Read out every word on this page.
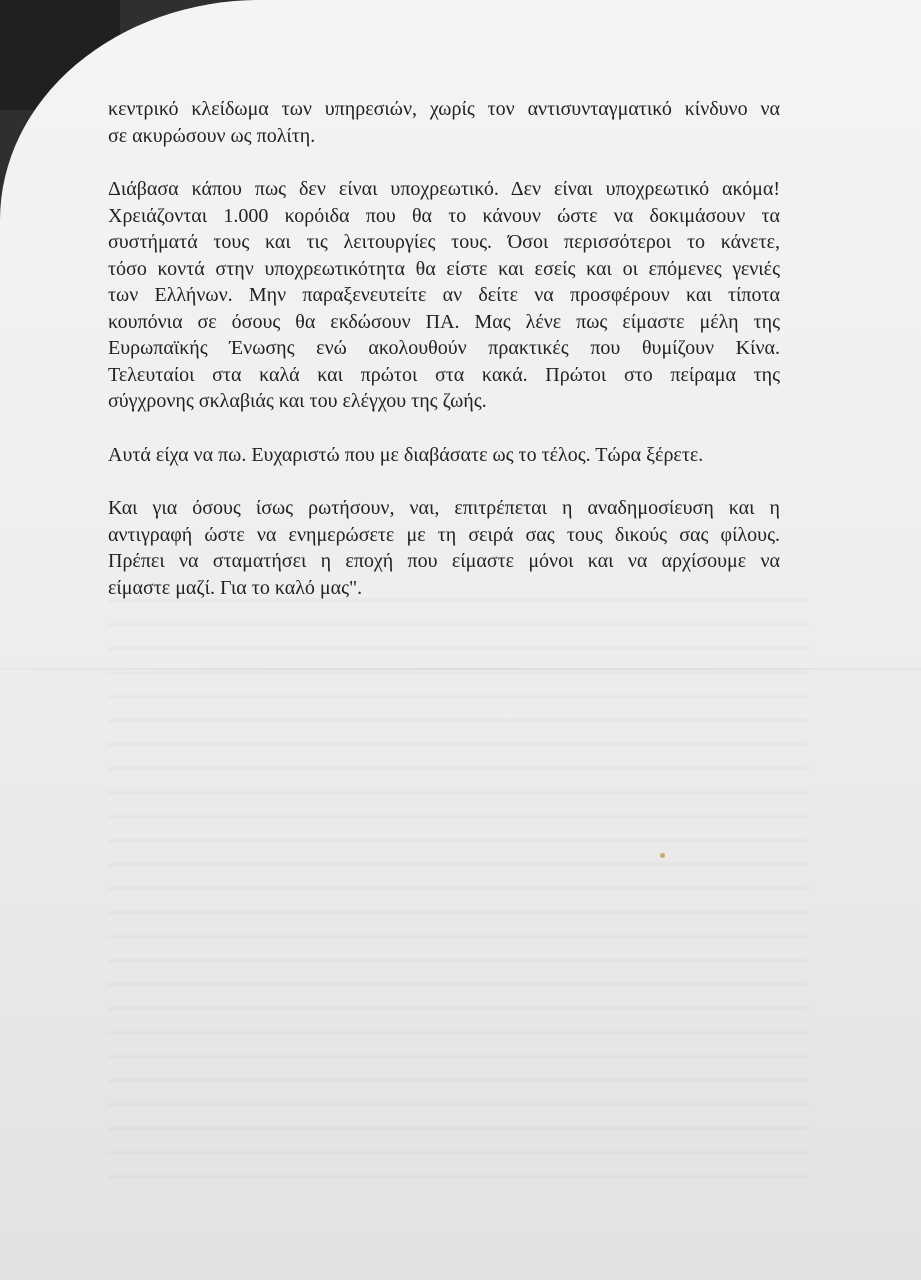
κεντρικό κλείδωμα των υπηρεσιών, χωρίς τον αντισυνταγματικό κίνδυνο να
σε ακυρώσουν ως πολίτη.
Διάβασα κάπου πως δεν είναι υποχρεωτικό. Δεν είναι υποχρεωτικό ακόμα!
Χρειάζονται 1.000 κορόιδα που θα το κάνουν ώστε να δοκιμάσουν τα
συστήματά τους και τις λειτουργίες τους. Όσοι περισσότεροι το κάνετε,
τόσο κοντά στην υποχρεωτικότητα θα είστε και εσείς και οι επόμενες γενιές
των Ελλήνων. Μην παραξενευτείτε αν δείτε να προσφέρουν και τίποτα
κουπόνια σε όσους θα εκδώσουν ΠΑ. Μας λένε πως είμαστε μέλη της
Ευρωπαϊκής Ένωσης ενώ ακολουθούν πρακτικές που θυμίζουν Κίνα.
Τελευταίοι στα καλά και πρώτοι στα κακά. Πρώτοι στο πείραμα της
σύγχρονης σκλαβιάς και του ελέγχου της ζωής.
Αυτά είχα να πω. Ευχαριστώ που με διαβάσατε ως το τέλος. Τώρα ξέρετε.
Και για όσους ίσως ρωτήσουν, ναι, επιτρέπεται η αναδημοσίευση και η
αντιγραφή ώστε να ενημερώσετε με τη σειρά σας τους δικούς σας φίλους.
Πρέπει να σταματήσει η εποχή που είμαστε μόνοι και να αρχίσουμε να
είμαστε μαζί. Για το καλό μας".
